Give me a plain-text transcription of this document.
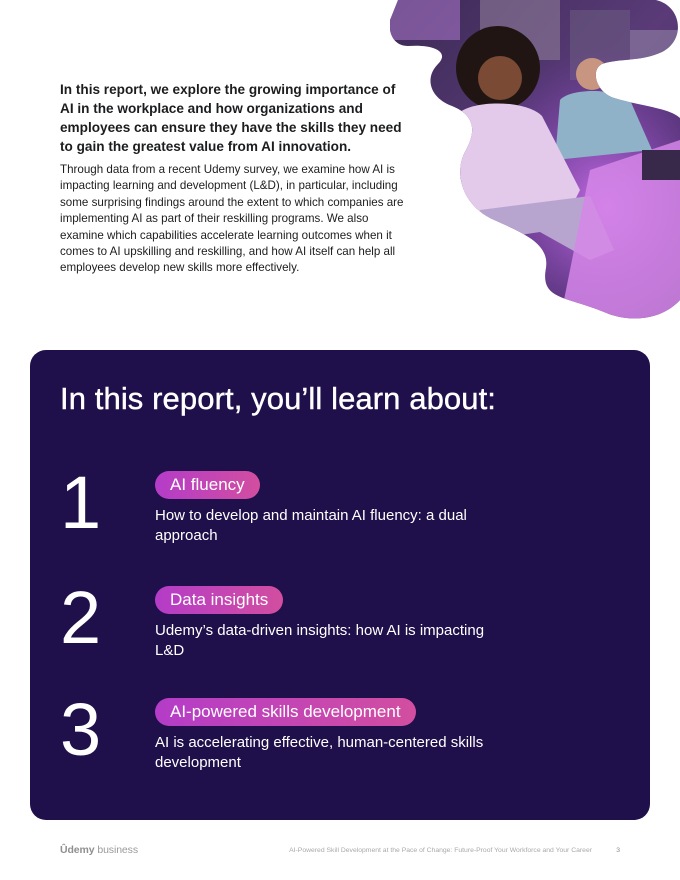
In this report, we explore the growing importance of AI in the workplace and how organizations and employees can ensure they have the skills they need to gain the greatest value from AI innovation.

Through data from a recent Udemy survey, we examine how AI is impacting learning and development (L&D), in particular, including some surprising findings around the extent to which companies are implementing AI as part of their reskilling programs. We also examine which capabilities accelerate learning outcomes when it comes to AI upskilling and reskilling, and how AI itself can help all employees develop new skills more effectively.

In this report, you’ll learn about:
1	AI fluency

How to develop and maintain AI fluency: a dual approach

2	Data insights

Udemy’s data-driven insights: how AI is impacting L&D

3	AI-powered skills development

AI is accelerating effective, human-centered skills development

Ûdemy business	AI-Powered Skill Development at the Pace of Change: Future-Proof Your Workforce and Your Career	3
